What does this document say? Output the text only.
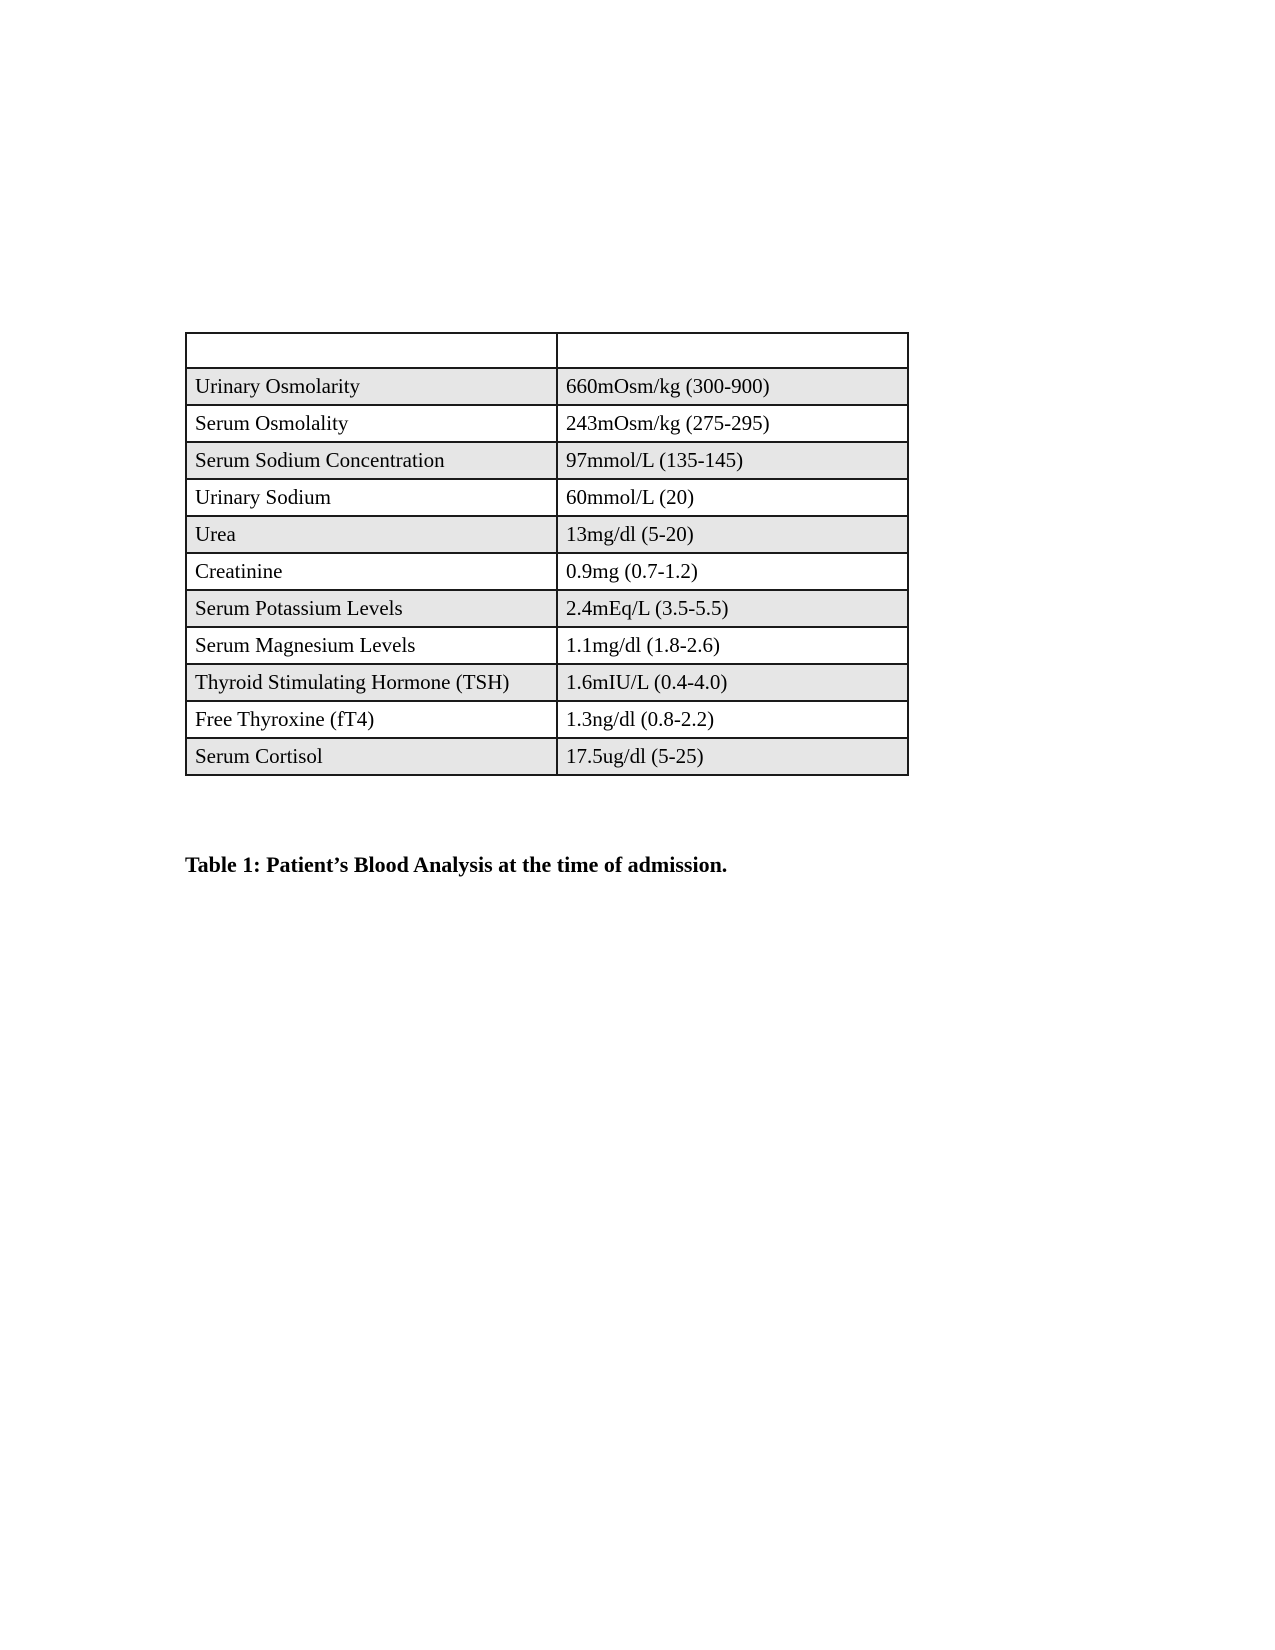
Urinary Osmolarity	660mOsm/kg (300-900)
Serum Osmolality	243mOsm/kg (275-295)
Serum Sodium Concentration	97mmol/L (135-145)
Urinary Sodium	60mmol/L (20)
Urea	13mg/dl (5-20)
Creatinine	0.9mg (0.7-1.2)
Serum Potassium Levels	2.4mEq/L (3.5-5.5)
Serum Magnesium Levels	1.1mg/dl (1.8-2.6)
Thyroid Stimulating Hormone (TSH)	1.6mIU/L (0.4-4.0)
Free Thyroxine (fT4)	1.3ng/dl (0.8-2.2)
Serum Cortisol	17.5ug/dl (5-25)

Table 1: Patient’s Blood Analysis at the time of admission.
